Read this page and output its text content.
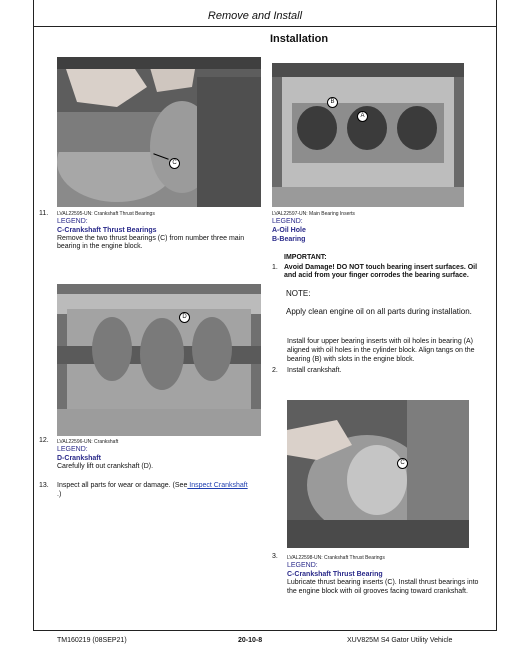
Remove and Install
Installation
C
11. LVAL22595-UN: Crankshaft Thrust Bearings
LEGEND:
C-Crankshaft Thrust Bearings
Remove the two thrust bearings (C) from number three main
bearing in the engine block.
B
A
LVAL22597-UN: Main Bearing Inserts
LEGEND:
A-Oil Hole
B-Bearing
IMPORTANT:
1. Avoid Damage! DO NOT touch bearing insert surfaces. Oil
and acid from your finger corrodes the bearing surface.
NOTE:
Apply clean engine oil on all parts during installation.
Install four upper bearing inserts with oil holes in bearing (A)
aligned with oil holes in the cylinder block. Align tangs on the
bearing (B) with slots in the engine block.
2. Install crankshaft.
D
12. LVAL22596-UN: Crankshaft
LEGEND:
D-Crankshaft
Carefully lift out crankshaft (D).
13. Inspect all parts for wear or damage. (See Inspect Crankshaft
.)
C
3. LVAL22598-UN: Crankshaft Thrust Bearings
LEGEND:
C-Crankshaft Thrust Bearing
Lubricate thrust bearing inserts (C). Install thrust bearings into
the engine block with oil grooves facing toward crankshaft.
TM160219 (08SEP21)	20-10-8	XUV825M S4 Gator Utility Vehicle
